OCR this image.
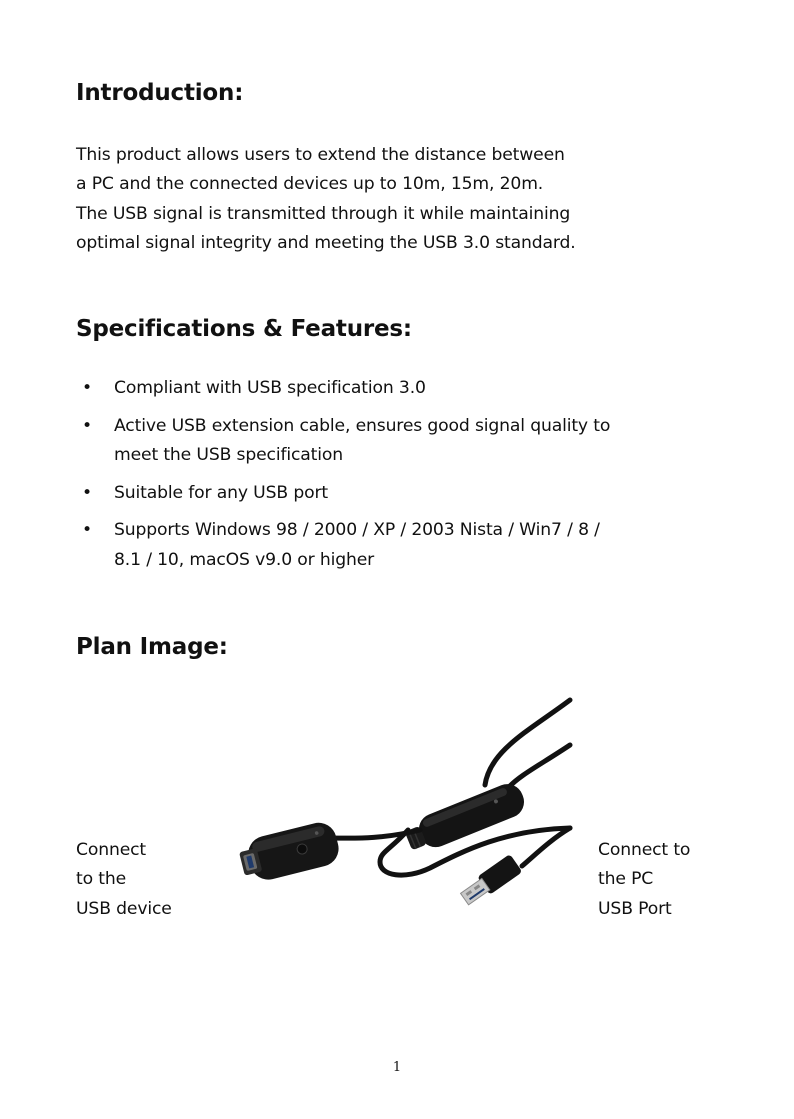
Introduction:

This product allows users to extend the distance between
a PC and the connected devices up to 10m, 15m, 20m.
The USB signal is transmitted through it while maintaining
optimal signal integrity and meeting the USB 3.0 standard.

Specifications & Features:
• Compliant with USB specification 3.0
• Active USB extension cable, ensures good signal quality to
meet the USB specification
• Suitable for any USB port
• Supports Windows 98 / 2000 / XP / 2003 Nista / Win7 / 8 /
8.1 / 10, macOS v9.0 or higher
Plan Image:
Connect
to the
USB device
Connect to
the PC
USB Port
1
